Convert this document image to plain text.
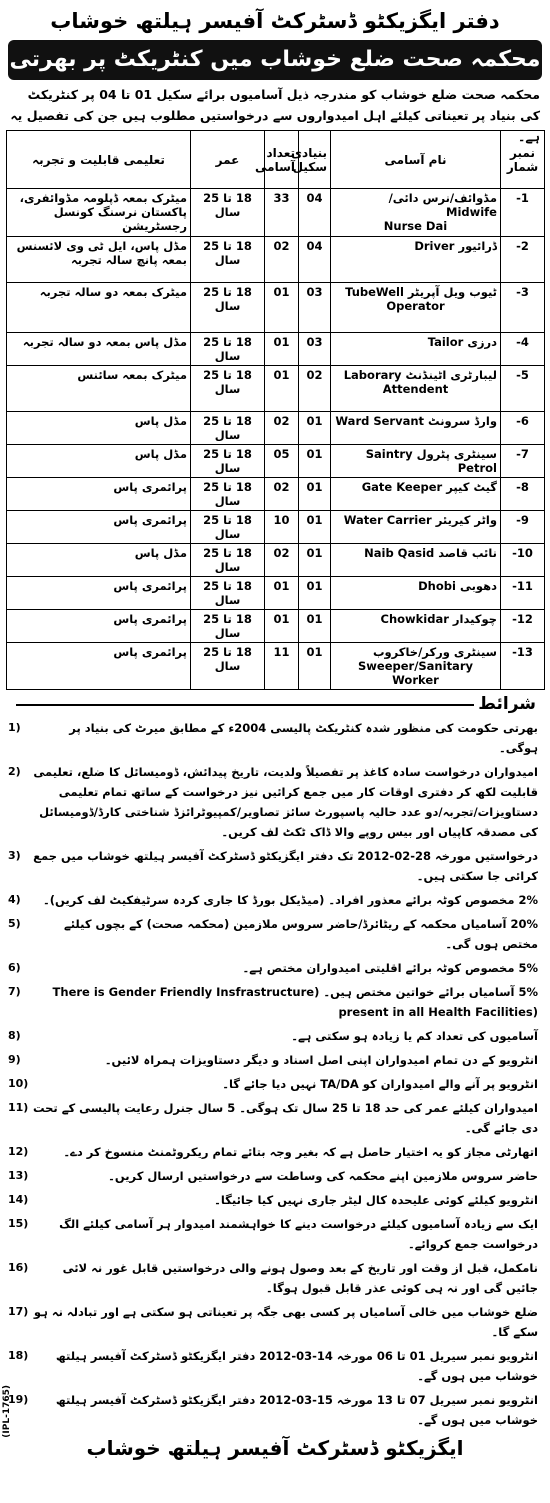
دفتر ایگزیکٹو ڈسٹرکٹ آفیسر ہیلتھ خوشاب
محکمہ صحت ضلع خوشاب میں کنٹریکٹ پر بھرتی
محکمہ صحت ضلع خوشاب کو مندرجہ ذیل آسامیوں برائے سکیل 01 تا 04 پر کنٹریکٹ کی بنیاد پر تعیناتی کیلئے اہل امیدواروں سے درخواستیں مطلوب ہیں جن کی تفصیل یہ ہے۔
نمبر شمار	نام آسامی	بنیادی سکیل	تعداد آسامی	عمر	تعلیمی قابلیت و تجربہ
-1	مڈوائف/نرس دائی/ Midwife
Nurse Dai	04	33	18 تا 25 سال	میٹرک بمعہ ڈپلومہ مڈوائفری، پاکستان نرسنگ کونسل رجسٹریشن
-2	ڈرائیور Driver	04	02	18 تا 25 سال	مڈل پاس، ایل ٹی وی لائسنس بمعہ پانچ سالہ تجربہ
-3	ٹیوب ویل آپریٹر TubeWell
Operator	03	01	18 تا 25 سال	میٹرک بمعہ دو سالہ تجربہ
-4	درزی Tailor	03	01	18 تا 25 سال	مڈل پاس بمعہ دو سالہ تجربہ
-5	لیبارٹری اٹینڈنٹ Laborary
Attendent	02	01	18 تا 25 سال	میٹرک بمعہ سائنس
-6	وارڈ سرونٹ Ward Servant	01	02	18 تا 25 سال	مڈل پاس
-7	سینٹری پٹرول Saintry Petrol	01	05	18 تا 25 سال	مڈل پاس
-8	گیٹ کیپر Gate Keeper	01	02	18 تا 25 سال	پرائمری پاس
-9	واٹر کیریئر Water Carrier	01	10	18 تا 25 سال	پرائمری پاس
-10	نائب قاصد Naib Qasid	01	02	18 تا 25 سال	مڈل پاس
-11	دھوبی Dhobi	01	01	18 تا 25 سال	پرائمری پاس
-12	چوکیدار Chowkidar	01	01	18 تا 25 سال	پرائمری پاس
-13	سینٹری ورکر/خاکروب
Sweeper/Sanitary Worker	01	11	18 تا 25 سال	پرائمری پاس
شرائط
1)	بھرتی حکومت کی منظور شدہ کنٹریکٹ پالیسی 2004ء کے مطابق میرٹ کی بنیاد پر ہوگی۔
2) امیدواران درخواست سادہ کاغذ پر تفصیلاً ولدیت، تاریخ پیدائش، ڈومیسائل کا ضلع، تعلیمی قابلیت لکھ کر دفتری اوقات کار میں جمع کرائیں نیز درخواست کے ساتھ تمام تعلیمی دستاویزات/تجربہ/دو عدد حالیہ پاسپورٹ سائز تصاویر/کمپیوٹرائزڈ شناختی کارڈ/ڈومیسائل کی مصدقہ کاپیاں اور بیس روپے والا ڈاک ٹکٹ لف کریں۔
3) درخواستیں مورخہ 28-02-2012 تک دفتر ایگزیکٹو ڈسٹرکٹ آفیسر ہیلتھ خوشاب میں جمع کرائی جا سکتی ہیں۔
4) 2% مخصوص کوٹہ برائے معذور افراد۔ (میڈیکل بورڈ کا جاری کردہ سرٹیفکیٹ لف کریں)۔
5)	20% آسامیاں محکمہ کے ریٹائرڈ/حاضر سروس ملازمین (محکمہ صحت) کے بچوں کیلئے مختص ہوں گی۔
6)	5% مخصوص کوٹہ برائے اقلیتی امیدواران مختص ہے۔
7)	5% آسامیاں برائے خواتین مختص ہیں۔ (There is Gender Friendly Insfrastructure
present in all Health Facilities)
8)	آسامیوں کی تعداد کم یا زیادہ ہو سکتی ہے۔
9)	انٹرویو کے دن تمام امیدواران اپنی اصل اسناد و دیگر دستاویزات ہمراہ لائیں۔
10)	انٹرویو پر آنے والے امیدواران کو TA/DA نہیں دیا جائے گا۔
11) امیدواران کیلئے عمر کی حد 18 تا 25 سال تک ہوگی۔ 5 سال جنرل رعایت پالیسی کے تحت دی جائے گی۔
12)	اتھارٹی مجاز کو یہ اختیار حاصل ہے کہ بغیر وجہ بتائے تمام ریکروٹمنٹ منسوخ کر دے۔
13)	حاضر سروس ملازمین اپنے محکمہ کی وساطت سے درخواستیں ارسال کریں۔
14)	انٹرویو کیلئے کوئی علیحدہ کال لیٹر جاری نہیں کیا جائیگا۔
15)	ایک سے زیادہ آسامیوں کیلئے درخواست دینے کا خواہشمند امیدوار ہر آسامی کیلئے الگ درخواست جمع کروائے۔
16)	نامکمل، قبل از وقت اور تاریخ کے بعد وصول ہونے والی درخواستیں قابل غور نہ لائی جائیں گی اور نہ ہی کوئی عذر قابل قبول ہوگا۔
17) ضلع خوشاب میں خالی آسامیاں پر کسی بھی جگہ پر تعیناتی ہو سکتی ہے اور تبادلہ نہ ہو سکے گا۔
18) انٹرویو نمبر سیریل 01 تا 06 مورخہ 14-03-2012 دفتر ایگزیکٹو ڈسٹرکٹ آفیسر ہیلتھ خوشاب میں ہوں گے۔
19) انٹرویو نمبر سیریل 07 تا 13 مورخہ 15-03-2012 دفتر ایگزیکٹو ڈسٹرکٹ آفیسر ہیلتھ خوشاب میں ہوں گے۔
ایگزیکٹو ڈسٹرکٹ آفیسر ہیلتھ خوشاب
(IPL-1765)
